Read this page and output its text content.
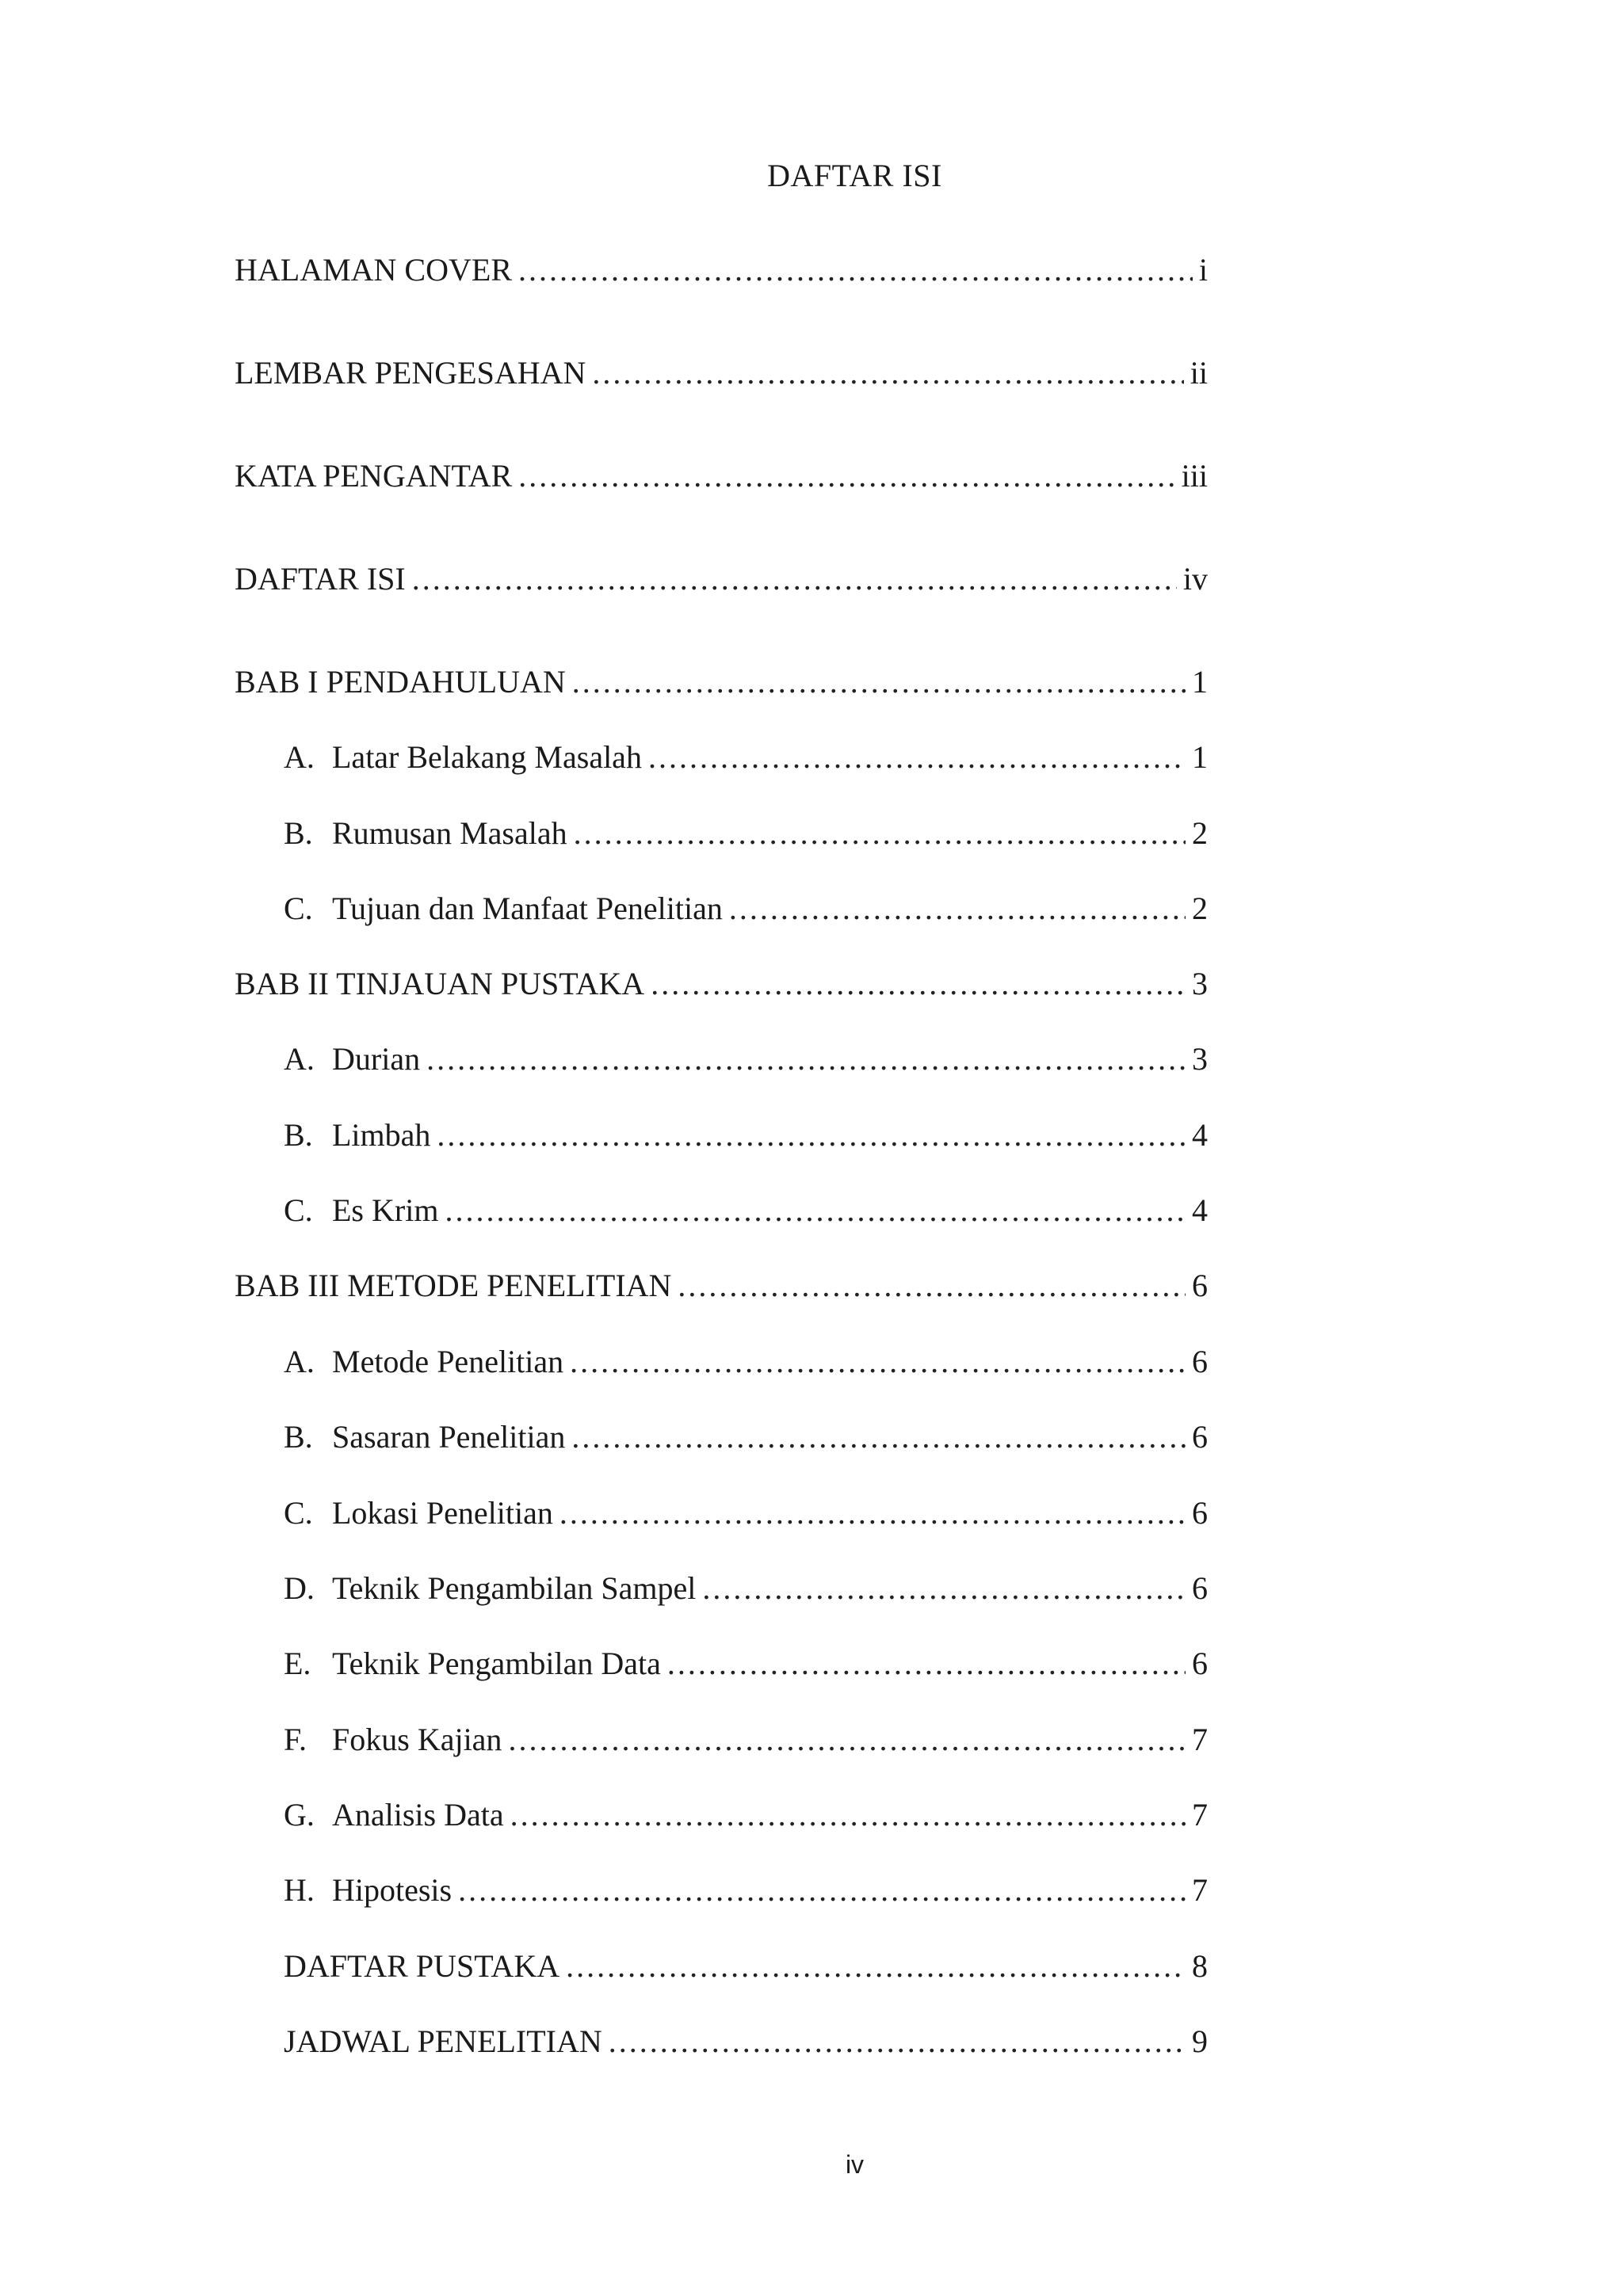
DAFTAR ISI
HALAMAN COVER .....	i
LEMBAR PENGESAHAN .....	ii
KATA PENGANTAR .....	iii
DAFTAR ISI .....	iv
BAB I PENDAHULUAN .....	1
A. Latar Belakang Masalah .....	1
B. Rumusan Masalah .....	2
C. Tujuan dan Manfaat Penelitian .....	2
BAB II TINJAUAN PUSTAKA .....	3
A. Durian .....	3
B. Limbah .....	4
C. Es Krim .....	4
BAB III METODE PENELITIAN .....	6
A. Metode Penelitian .....	6
B. Sasaran Penelitian .....	6
C. Lokasi Penelitian .....	6
D. Teknik Pengambilan Sampel .....	6
E. Teknik Pengambilan Data .....	6
F. Fokus Kajian .....	7
G. Analisis Data .....	7
H. Hipotesis .....	7
DAFTAR PUSTAKA .....	8
JADWAL PENELITIAN .....	9
iv
